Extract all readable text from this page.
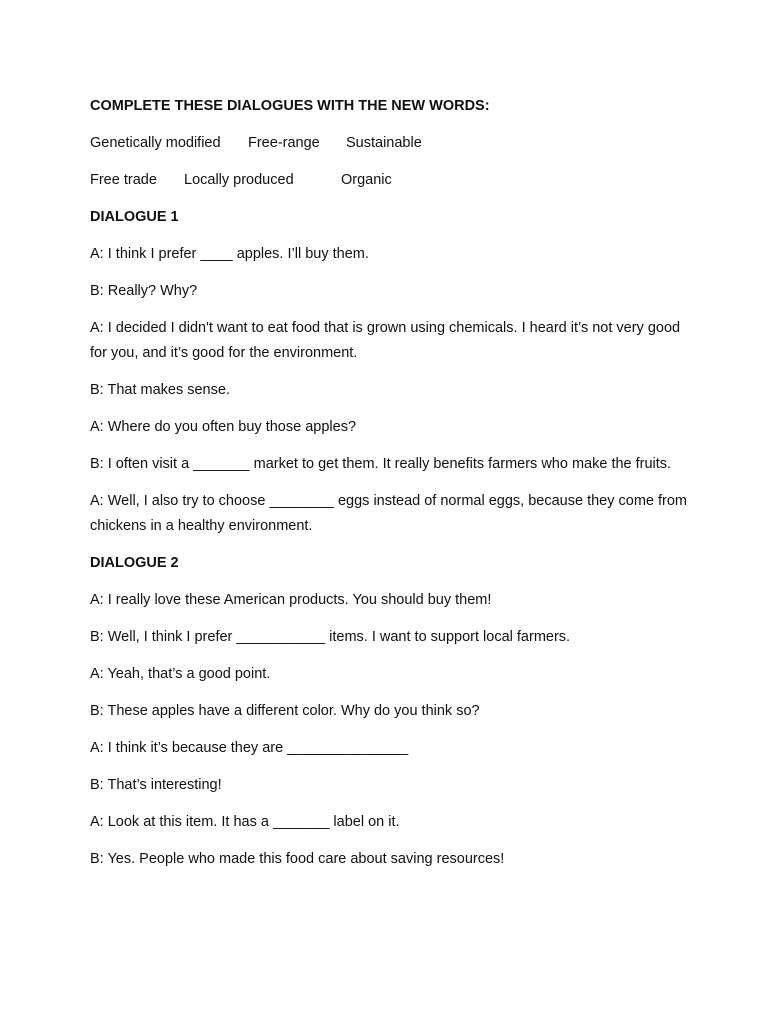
COMPLETE THESE DIALOGUES WITH THE NEW WORDS:

Genetically modified Free-range Sustainable
Free trade Locally produced	Organic

DIALOGUE 1

A: I think I prefer ____ apples. I’ll buy them.

B: Really? Why?

A: I decided I didn't want to eat food that is grown using chemicals. I heard it’s not very good for you, and it’s good for the environment.

B: That makes sense.

A: Where do you often buy those apples?

B: I often visit a _______ market to get them. It really benefits farmers who make the fruits.

A: Well, I also try to choose ________ eggs instead of normal eggs, because they come from chickens in a healthy environment.

DIALOGUE 2

A: I really love these American products. You should buy them!

B: Well, I think I prefer ___________ items. I want to support local farmers.

A: Yeah, that’s a good point.

B: These apples have a different color. Why do you think so?

A: I think it’s because they are _______________

B: That’s interesting!

A: Look at this item. It has a _______ label on it.

B: Yes. People who made this food care about saving resources!
